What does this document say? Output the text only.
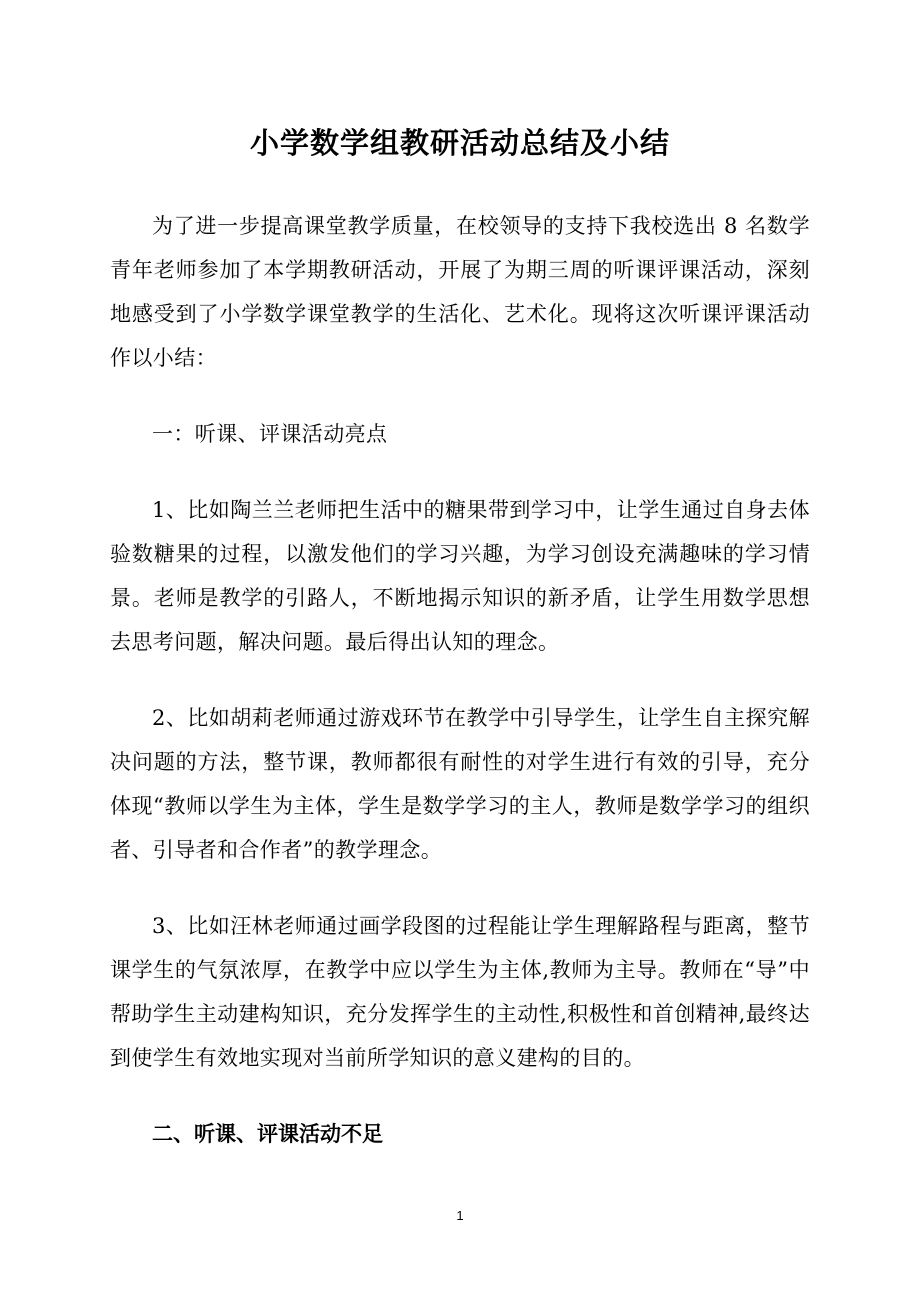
小学数学组教研活动总结及小结

为了进一步提高课堂教学质量，在校领导的支持下我校选出 8 名数学青年老师参加了本学期教研活动，开展了为期三周的听课评课活动，深刻地感受到了小学数学课堂教学的生活化、艺术化。现将这次听课评课活动作以小结：

一：听课、评课活动亮点

1、比如陶兰兰老师把生活中的糖果带到学习中，让学生通过自身去体验数糖果的过程，以激发他们的学习兴趣，为学习创设充满趣味的学习情景。老师是教学的引路人，不断地揭示知识的新矛盾，让学生用数学思想去思考问题，解决问题。最后得出认知的理念。

2、比如胡莉老师通过游戏环节在教学中引导学生，让学生自主探究解决问题的方法，整节课，教师都很有耐性的对学生进行有效的引导，充分体现“教师以学生为主体，学生是数学学习的主人，教师是数学学习的组织者、引导者和合作者”的教学理念。

3、比如汪林老师通过画学段图的过程能让学生理解路程与距离，整节课学生的气氛浓厚，在教学中应以学生为主体,教师为主导。教师在“导”中帮助学生主动建构知识，充分发挥学生的主动性,积极性和首创精神,最终达到使学生有效地实现对当前所学知识的意义建构的目的。

二、听课、评课活动不足

1
